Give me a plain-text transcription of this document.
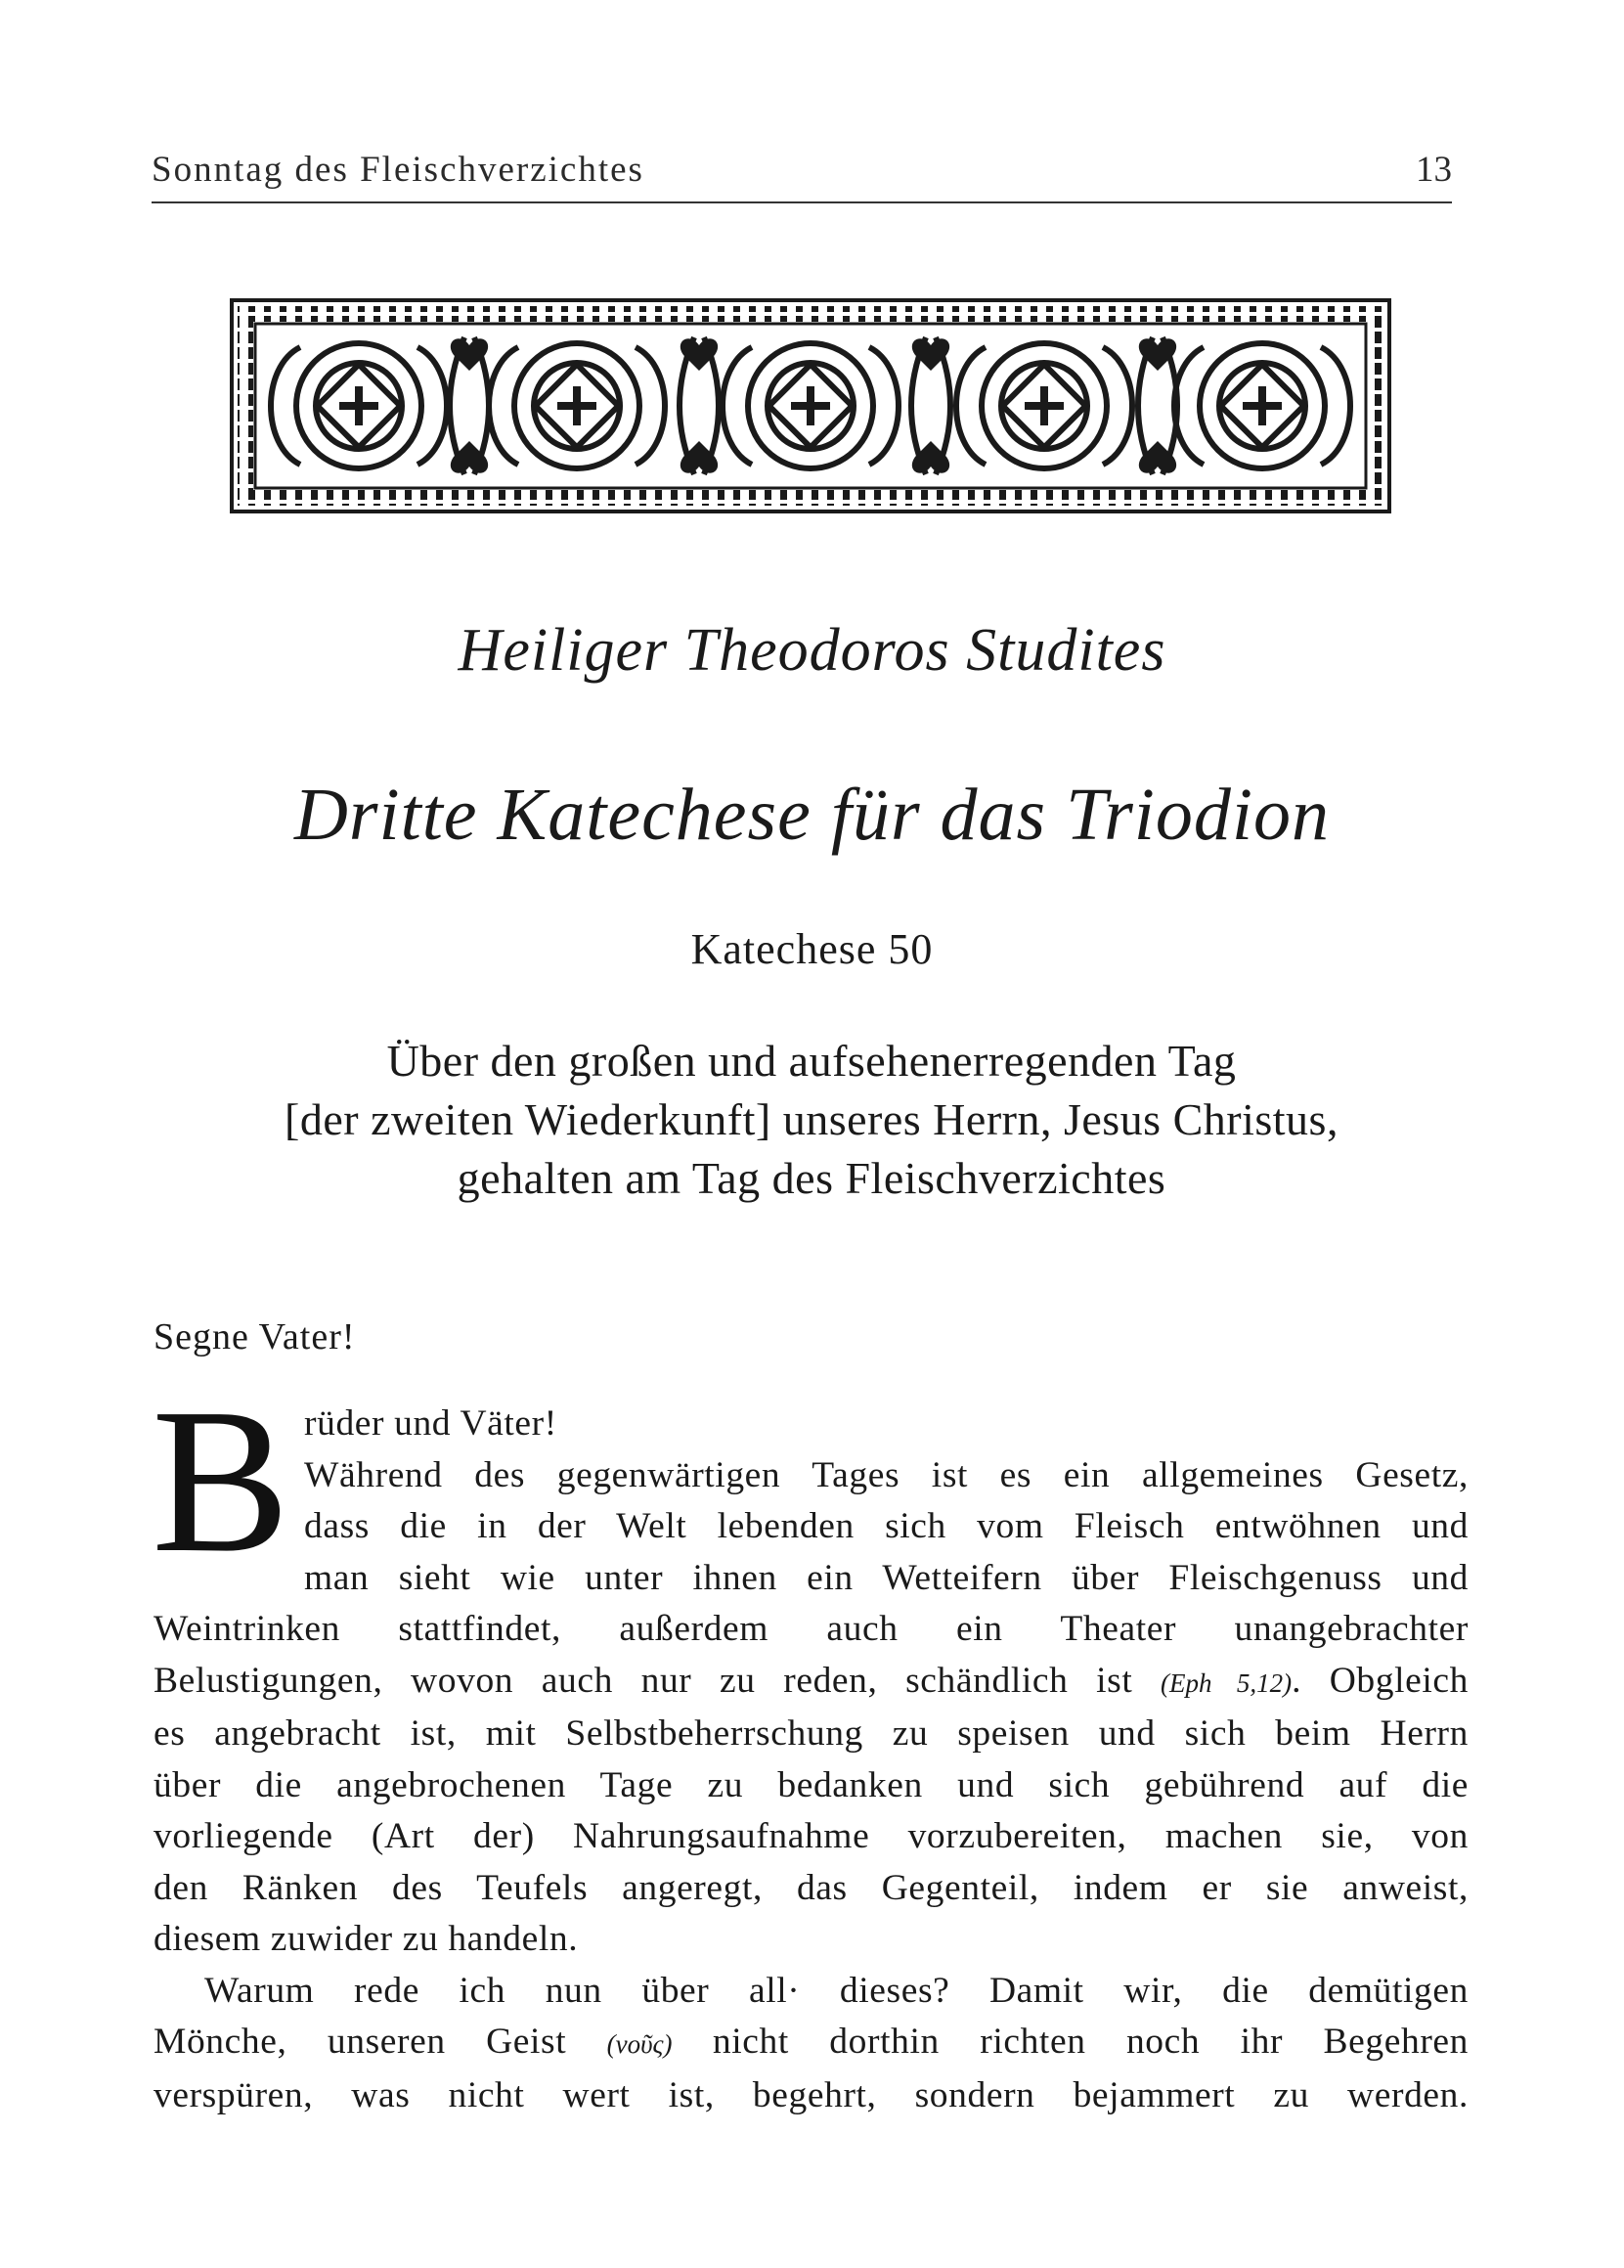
Sonntag des Fleischverzichtes	13
Heiliger Theodoros Studites
Dritte Katechese für das Triodion
Katechese 50
Über den großen und aufsehenerregenden Tag
[der zweiten Wiederkunft] unseres Herrn, Jesus Christus,
gehalten am Tag des Fleischverzichtes
Segne Vater!
B rüder und Väter!
Während des gegenwärtigen Tages ist es ein allgemeines Gesetz,
dass die in der Welt lebenden sich vom Fleisch entwöhnen und
man sieht wie unter ihnen ein Wetteifern über Fleischgenuss und
Weintrinken stattfindet, außerdem auch ein Theater unangebrachter
Belustigungen, wovon auch nur zu reden, schändlich ist (Eph 5,12). Obgleich
es angebracht ist, mit Selbstbeherrschung zu speisen und sich beim Herrn
über die angebrochenen Tage zu bedanken und sich gebührend auf die
vorliegende (Art der) Nahrungsaufnahme vorzubereiten, machen sie, von
den Ränken des Teufels angeregt, das Gegenteil, indem er sie anweist,
diesem zuwider zu handeln.
Warum rede ich nun über all· dieses? Damit wir, die demütigen
Mönche, unseren Geist (νοῦς) nicht dorthin richten noch ihr Begehren
verspüren, was nicht wert ist, begehrt, sondern bejammert zu werden.
